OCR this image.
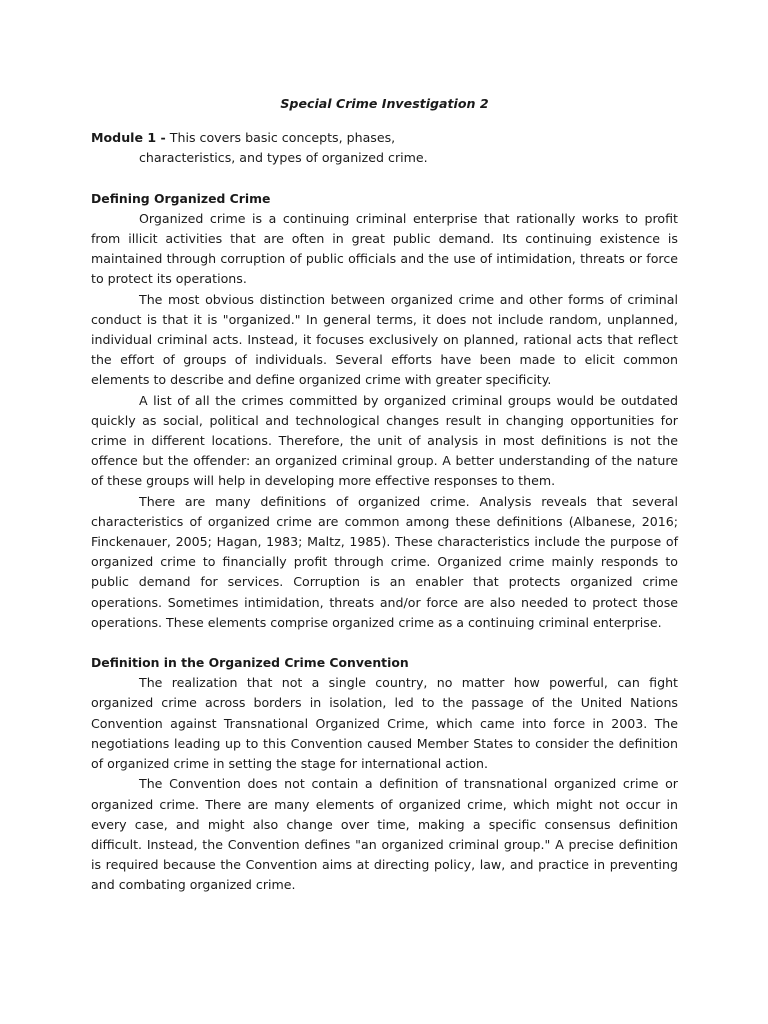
Special Crime Investigation 2
Module 1 - This covers basic concepts, phases,
characteristics, and types of organized crime.
Defining Organized Crime

Organized crime is a continuing criminal enterprise that rationally works to profit from illicit activities that are often in great public demand. Its continuing existence is maintained through corruption of public officials and the use of intimidation, threats or force to protect its operations.

The most obvious distinction between organized crime and other forms of criminal conduct is that it is "organized." In general terms, it does not include random, unplanned, individual criminal acts. Instead, it focuses exclusively on planned, rational acts that reflect the effort of groups of individuals. Several efforts have been made to elicit common elements to describe and define organized crime with greater specificity.

A list of all the crimes committed by organized criminal groups would be outdated quickly as social, political and technological changes result in changing opportunities for crime in different locations. Therefore, the unit of analysis in most definitions is not the offence but the offender: an organized criminal group. A better understanding of the nature of these groups will help in developing more effective responses to them.

There are many definitions of organized crime. Analysis reveals that several characteristics of organized crime are common among these definitions (Albanese, 2016; Finckenauer, 2005; Hagan, 1983; Maltz, 1985). These characteristics include the purpose of organized crime to financially profit through crime. Organized crime mainly responds to public demand for services. Corruption is an enabler that protects organized crime operations. Sometimes intimidation, threats and/or force are also needed to protect those operations. These elements comprise organized crime as a continuing criminal enterprise.

Definition in the Organized Crime Convention

The realization that not a single country, no matter how powerful, can fight organized crime across borders in isolation, led to the passage of the United Nations Convention against Transnational Organized Crime, which came into force in 2003. The negotiations leading up to this Convention caused Member States to consider the definition of organized crime in setting the stage for international action.

The Convention does not contain a definition of transnational organized crime or organized crime. There are many elements of organized crime, which might not occur in every case, and might also change over time, making a specific consensus definition difficult. Instead, the Convention defines "an organized criminal group." A precise definition is required because the Convention aims at directing policy, law, and practice in preventing and combating organized crime.
